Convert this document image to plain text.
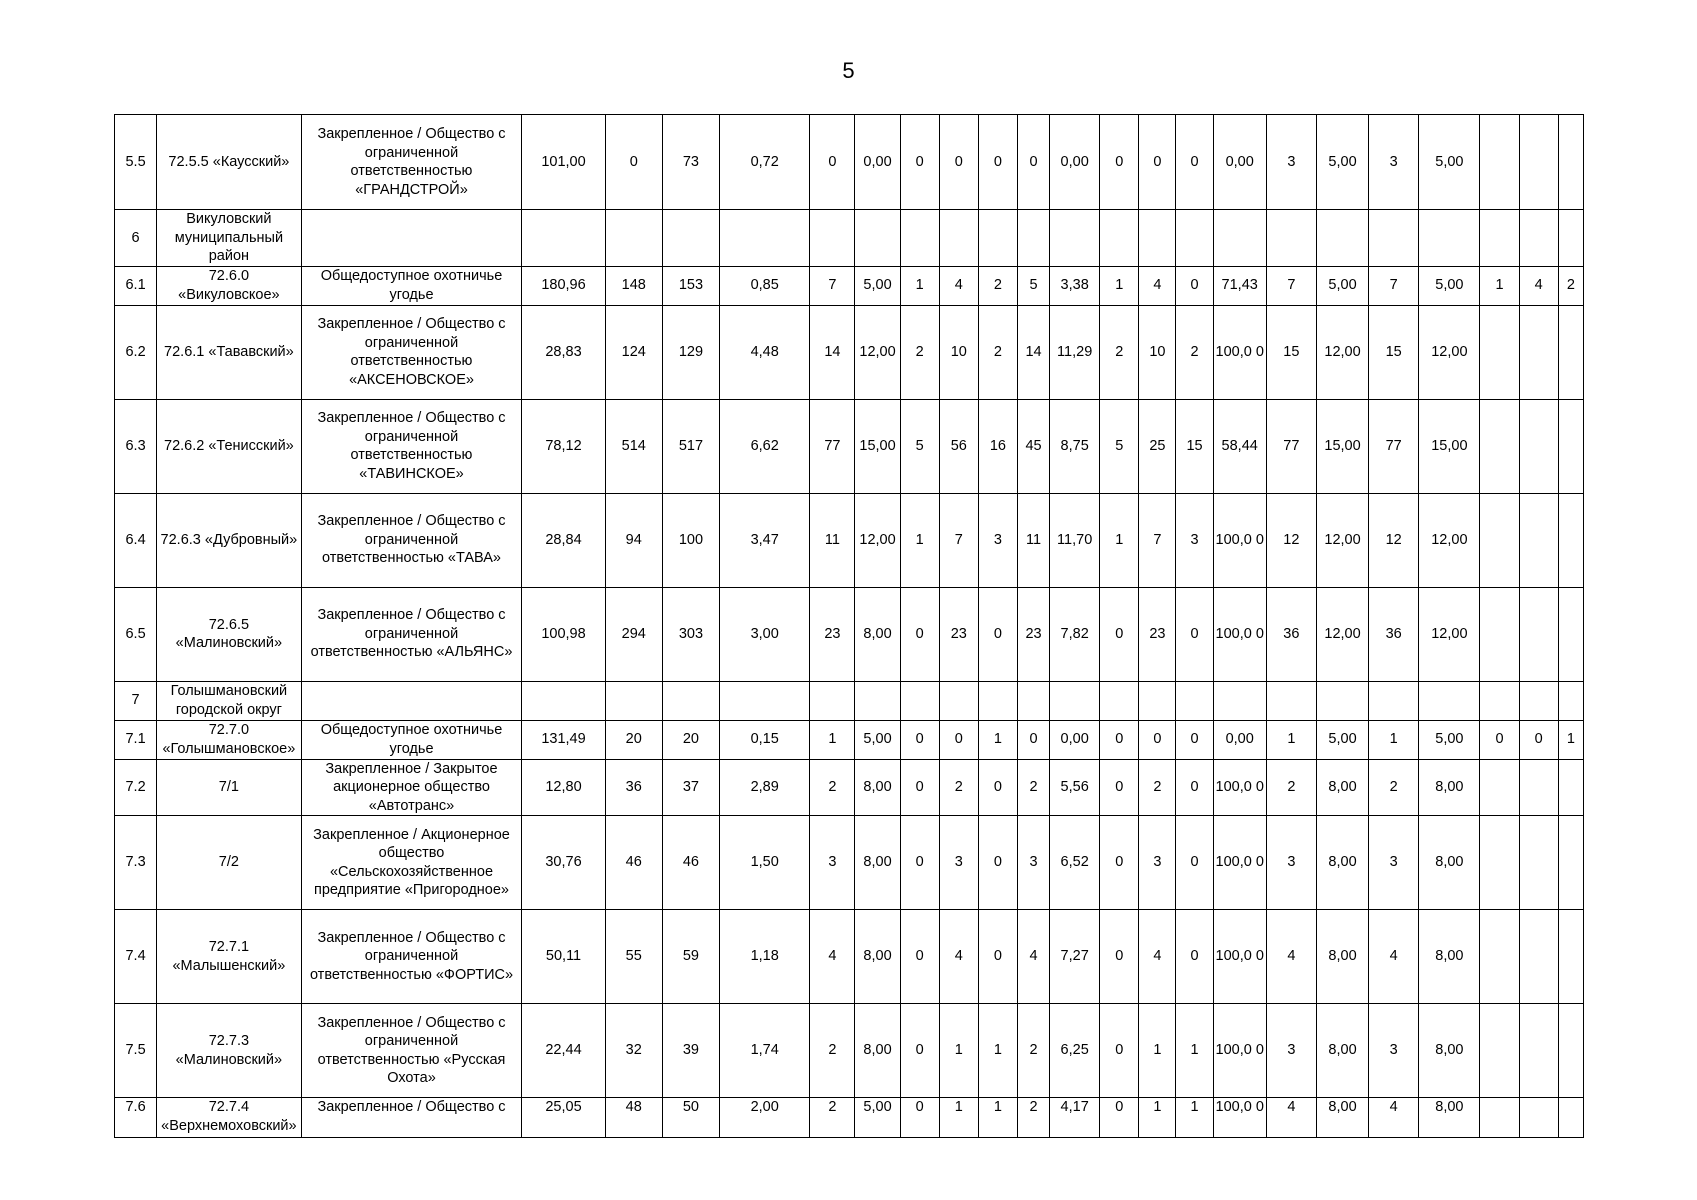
5
5.5	72.5.5 «Каусский»	Закрепленное / Общество с ограниченной ответственностью «ГРАНДСТРОЙ»	101,00	0	73	0,72	0	0,00	0	0	0	0	0,00	0	0	0	0,00	3	5,00	3	5,00			
6	Викуловский муниципальный район																							
6.1	72.6.0 «Викуловское»	Общедоступное охотничье угодье	180,96	148	153	0,85	7	5,00	1	4	2	5	3,38	1	4	0	71,43	7	5,00	7	5,00	1	4	2
6.2	72.6.1 «Тававский»	Закрепленное / Общество с ограниченной ответственностью «АКСЕНОВСКОЕ»	28,83	124	129	4,48	14	12,00	2	10	2	14	11,29	2	10	2	100,0 0	15	12,00	15	12,00			
6.3	72.6.2 «Тенисский»	Закрепленное / Общество с ограниченной ответственностью «ТАВИНСКОЕ»	78,12	514	517	6,62	77	15,00	5	56	16	45	8,75	5	25	15	58,44	77	15,00	77	15,00			
6.4	72.6.3 «Дубровный»	Закрепленное / Общество с ограниченной ответственностью «ТАВА»	28,84	94	100	3,47	11	12,00	1	7	3	11	11,70	1	7	3	100,0 0	12	12,00	12	12,00			
6.5	72.6.5 «Малиновский»	Закрепленное / Общество с ограниченной ответственностью «АЛЬЯНС»	100,98	294	303	3,00	23	8,00	0	23	0	23	7,82	0	23	0	100,0 0	36	12,00	36	12,00			
7	Голышмановский городской округ																							
7.1	72.7.0 «Голышмановское»	Общедоступное охотничье угодье	131,49	20	20	0,15	1	5,00	0	0	1	0	0,00	0	0	0	0,00	1	5,00	1	5,00	0	0	1
7.2	7/1	Закрепленное / Закрытое акционерное общество «Автотранс»	12,80	36	37	2,89	2	8,00	0	2	0	2	5,56	0	2	0	100,0 0	2	8,00	2	8,00			
7.3	7/2	Закрепленное / Акционерное общество «Сельскохозяйственное предприятие «Пригородное»	30,76	46	46	1,50	3	8,00	0	3	0	3	6,52	0	3	0	100,0 0	3	8,00	3	8,00			
7.4	72.7.1 «Малышенский»	Закрепленное / Общество с ограниченной ответственностью «ФОРТИС»	50,11	55	59	1,18	4	8,00	0	4	0	4	7,27	0	4	0	100,0 0	4	8,00	4	8,00			
7.5	72.7.3 «Малиновский»	Закрепленное / Общество с ограниченной ответственностью «Русская Охота»	22,44	32	39	1,74	2	8,00	0	1	1	2	6,25	0	1	1	100,0 0	3	8,00	3	8,00			
7.6	72.7.4 «Верхнемоховский»	Закрепленное / Общество с	25,05	48	50	2,00	2	5,00	0	1	1	2	4,17	0	1	1	100,0 0	4	8,00	4	8,00			
